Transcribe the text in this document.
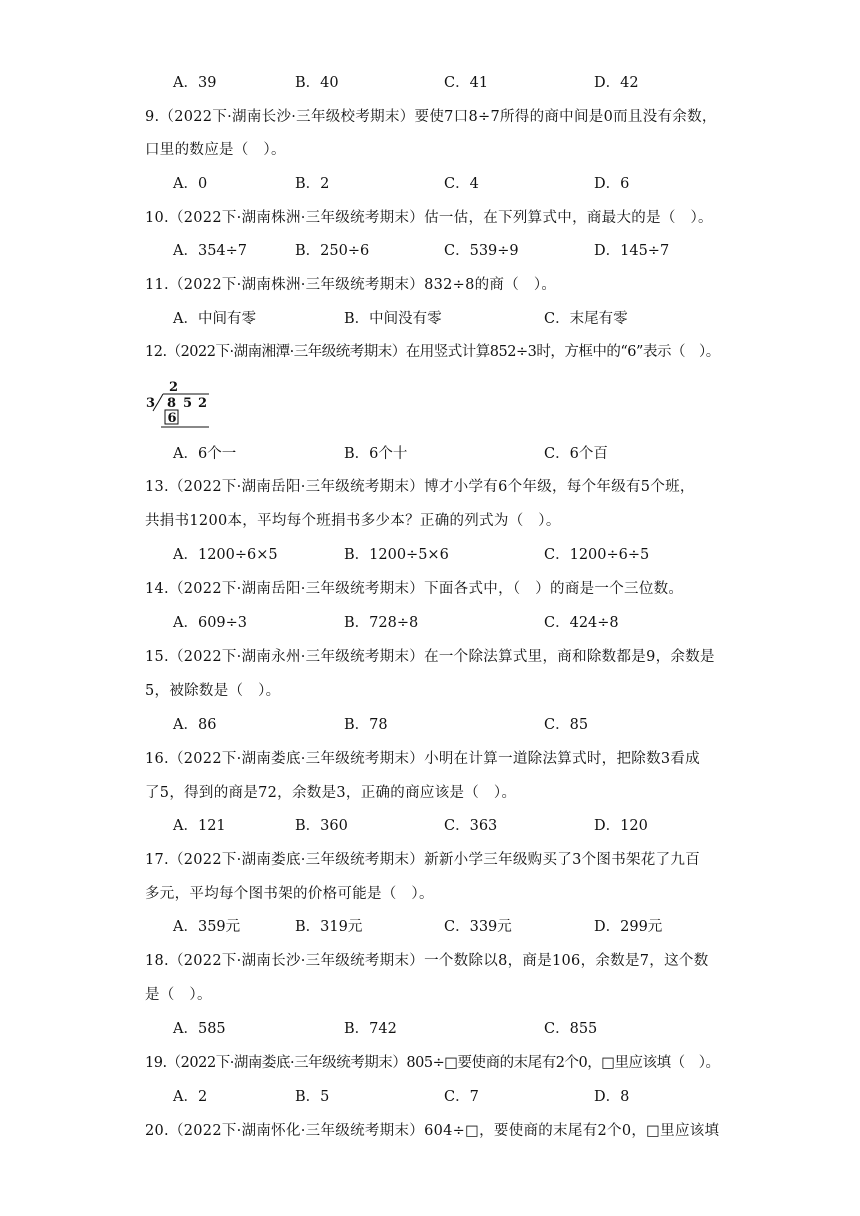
A．39	B．40	C．41	D．42
9.（2022下·湖南长沙·三年级校考期末）要使7口8÷7所得的商中间是0而且没有余数，
口里的数应是（　）。
A．0	B．2	C．4	D．6
10.（2022下·湖南株洲·三年级统考期末）估一估，在下列算式中，商最大的是（　）。
A．354÷7	B．250÷6	C．539÷9	D．145÷7
11.（2022下·湖南株洲·三年级统考期末）832÷8的商（　）。
A．中间有零	B．中间没有零	C．末尾有零
12.（2022下·湖南湘潭·三年级统考期末）在用竖式计算852÷3时，方框中的“6”表示（　）。
2
3 8 5 2
6
A．6个一	B．6个十	C．6个百
13.（2022下·湖南岳阳·三年级统考期末）博才小学有6个年级，每个年级有5个班，
共捐书1200本，平均每个班捐书多少本？正确的列式为（　）。
A．1200÷6×5	B．1200÷5×6	C．1200÷6÷5
14.（2022下·湖南岳阳·三年级统考期末）下面各式中，（　）的商是一个三位数。
A．609÷3	B．728÷8	C．424÷8
15.（2022下·湖南永州·三年级统考期末）在一个除法算式里，商和除数都是9，余数是
5，被除数是（　）。
A．86	B．78	C．85
16.（2022下·湖南娄底·三年级统考期末）小明在计算一道除法算式时，把除数3看成
了5，得到的商是72，余数是3，正确的商应该是（　）。
A．121	B．360	C．363	D．120
17.（2022下·湖南娄底·三年级统考期末）新新小学三年级购买了3个图书架花了九百
多元，平均每个图书架的价格可能是（　）。
A．359元	B．319元	C．339元	D．299元
18.（2022下·湖南长沙·三年级统考期末）一个数除以8，商是106，余数是7，这个数
是（　）。
A．585	B．742	C．855
19.（2022下·湖南娄底·三年级统考期末）805÷□要使商的末尾有2个0，□里应该填（　）。
A．2	B．5	C．7	D．8
20.（2022下·湖南怀化·三年级统考期末）604÷□，要使商的末尾有2个0，□里应该填
